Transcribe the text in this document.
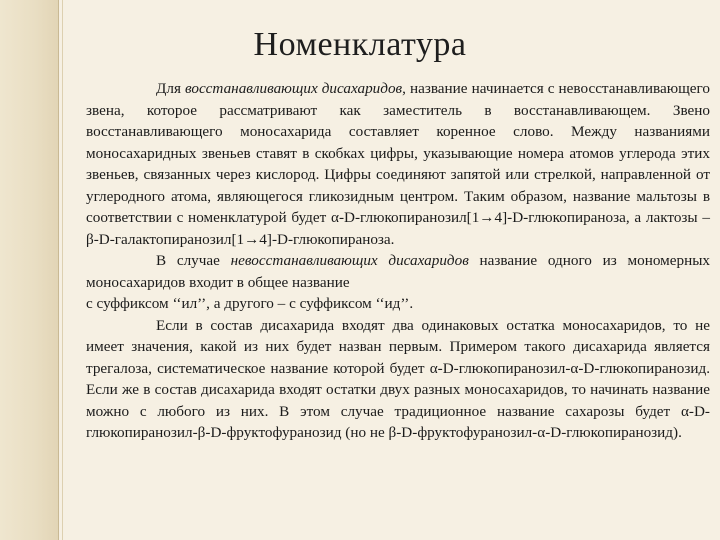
Номенклатура

Для восстанавливающих дисахаридов, название начинается с невосстанавливающего звена, которое рассматривают как заместитель в восстанавливающем. Звено восстанавливающего моносахарида составляет коренное слово. Между названиями моносахаридных звеньев ставят в скобках цифры, указывающие номера атомов углерода этих звеньев, связанных через кислород. Цифры соединяют запятой или стрелкой, направленной от углеродного атома, являющегося гликозидным центром. Таким образом, название мальтозы в соответствии с номенклатурой будет α-D-глюкопиранозил[1→4]-D-глюкопираноза, а лактозы – β-D-галактопиранозил[1→4]-D-глюкопираноза.

В случае невосстанавливающих дисахаридов название одного из мономерных моносахаридов входит в общее название

с суффиксом ‘‘ил’’, а другого – с суффиксом ‘‘ид’’.

Если в состав дисахарида входят два одинаковых остатка моносахаридов, то не имеет значения, какой из них будет назван первым. Примером такого дисахарида является трегалоза, систематическое название которой будет α-D-глюкопиранозил-α-D-глюкопиранозид. Если же в состав дисахарида входят остатки двух разных моносахаридов, то начинать название можно с любого из них. В этом случае традиционное название сахарозы будет α-D-глюкопиранозил-β-D-фруктофуранозид (но не β-D-фруктофуранозил-α-D-глюкопиранозид).
